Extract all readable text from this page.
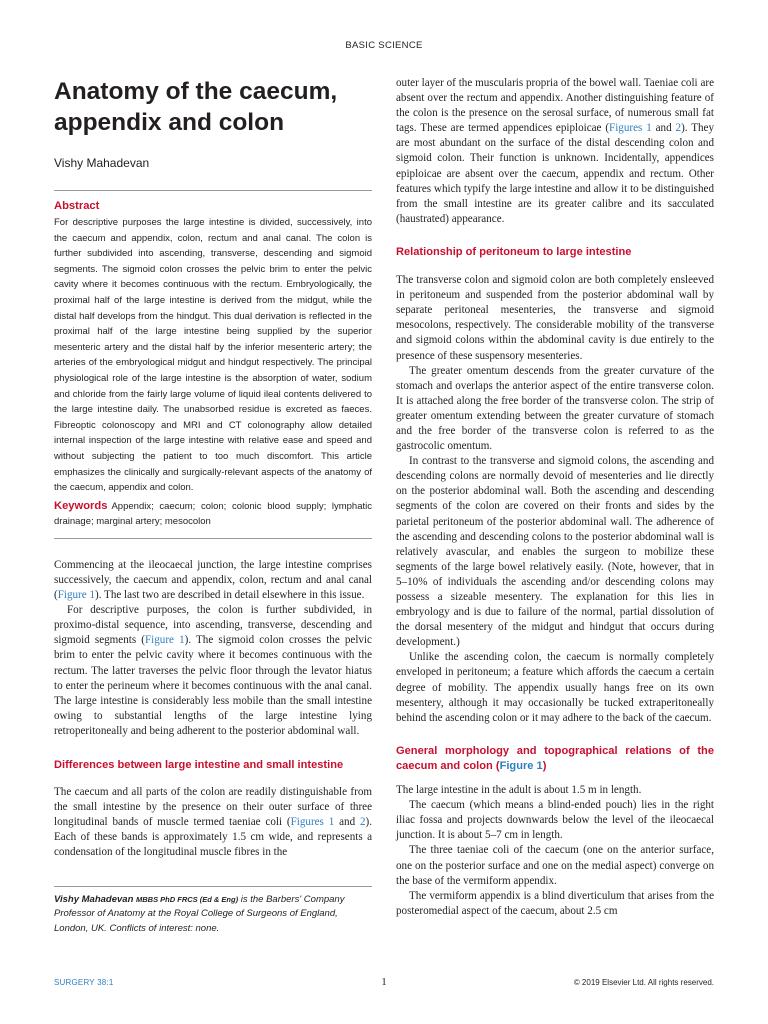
BASIC SCIENCE
Anatomy of the caecum, appendix and colon

Vishy Mahadevan

Abstract

For descriptive purposes the large intestine is divided, successively, into the caecum and appendix, colon, rectum and anal canal. The colon is further subdivided into ascending, transverse, descending and sigmoid segments. The sigmoid colon crosses the pelvic brim to enter the pelvic cavity where it becomes continuous with the rectum. Embryologically, the proximal half of the large intestine is derived from the midgut, while the distal half develops from the hindgut. This dual derivation is reflected in the proximal half of the large intestine being supplied by the superior mesenteric artery and the distal half by the inferior mesenteric artery; the arteries of the embryological midgut and hindgut respectively. The principal physiological role of the large intestine is the absorption of water, sodium and chloride from the fairly large volume of liquid ileal contents delivered to the large intestine daily. The unabsorbed residue is excreted as faeces. Fibreoptic colonoscopy and MRI and CT colonography allow detailed internal inspection of the large intestine with relative ease and speed and without subjecting the patient to too much discomfort. This article emphasizes the clinically and surgically-relevant aspects of the anatomy of the caecum, appendix and colon.

Keywords Appendix; caecum; colon; colonic blood supply; lymphatic drainage; marginal artery; mesocolon

Commencing at the ileocaecal junction, the large intestine comprises successively, the caecum and appendix, colon, rectum and anal canal (Figure 1). The last two are described in detail elsewhere in this issue.

For descriptive purposes, the colon is further subdivided, in proximo-distal sequence, into ascending, transverse, descending and sigmoid segments (Figure 1). The sigmoid colon crosses the pelvic brim to enter the pelvic cavity where it becomes continuous with the rectum. The latter traverses the pelvic floor through the levator hiatus to enter the perineum where it becomes continuous with the anal canal. The large intestine is considerably less mobile than the small intestine owing to substantial lengths of the large intestine lying retroperitoneally and being adherent to the posterior abdominal wall.

Differences between large intestine and small intestine

The caecum and all parts of the colon are readily distinguishable from the small intestine by the presence on their outer surface of three longitudinal bands of muscle termed taeniae coli (Figures 1 and 2). Each of these bands is approximately 1.5 cm wide, and represents a condensation of the longitudinal muscle fibres in the

Vishy Mahadevan MBBS PhD FRCS (Ed & Eng) is the Barbers' Company Professor of Anatomy at the Royal College of Surgeons of England, London, UK. Conflicts of interest: none.

outer layer of the muscularis propria of the bowel wall. Taeniae coli are absent over the rectum and appendix. Another distinguishing feature of the colon is the presence on the serosal surface, of numerous small fat tags. These are termed appendices epiploicae (Figures 1 and 2). They are most abundant on the surface of the distal descending colon and sigmoid colon. Their function is unknown. Incidentally, appendices epiploicae are absent over the caecum, appendix and rectum. Other features which typify the large intestine and allow it to be distinguished from the small intestine are its greater calibre and its sacculated (haustrated) appearance.

Relationship of peritoneum to large intestine

The transverse colon and sigmoid colon are both completely ensleeved in peritoneum and suspended from the posterior abdominal wall by separate peritoneal mesenteries, the transverse and sigmoid mesocolons, respectively. The considerable mobility of the transverse and sigmoid colons within the abdominal cavity is due entirely to the presence of these suspensory mesenteries.

The greater omentum descends from the greater curvature of the stomach and overlaps the anterior aspect of the entire transverse colon. It is attached along the free border of the transverse colon. The strip of greater omentum extending between the greater curvature of stomach and the free border of the transverse colon is referred to as the gastrocolic omentum.

In contrast to the transverse and sigmoid colons, the ascending and descending colons are normally devoid of mesenteries and lie directly on the posterior abdominal wall. Both the ascending and descending segments of the colon are covered on their fronts and sides by the parietal peritoneum of the posterior abdominal wall. The adherence of the ascending and descending colons to the posterior abdominal wall is relatively avascular, and enables the surgeon to mobilize these segments of the large bowel relatively easily. (Note, however, that in 5–10% of individuals the ascending and/or descending colons may possess a sizeable mesentery. The explanation for this lies in embryology and is due to failure of the normal, partial dissolution of the dorsal mesentery of the midgut and hindgut that occurs during development.)

Unlike the ascending colon, the caecum is normally completely enveloped in peritoneum; a feature which affords the caecum a certain degree of mobility. The appendix usually hangs free on its own mesentery, although it may occasionally be tucked extraperitoneally behind the ascending colon or it may adhere to the back of the caecum.

General morphology and topographical relations of the caecum and colon (Figure 1)

The large intestine in the adult is about 1.5 m in length.

The caecum (which means a blind-ended pouch) lies in the right iliac fossa and projects downwards below the level of the ileocaecal junction. It is about 5–7 cm in length.

The three taeniae coli of the caecum (one on the anterior surface, one on the posterior surface and one on the medial aspect) converge on the base of the vermiform appendix.

The vermiform appendix is a blind diverticulum that arises from the posteromedial aspect of the caecum, about 2.5 cm

SURGERY 38:1	1	© 2019 Elsevier Ltd. All rights reserved.
